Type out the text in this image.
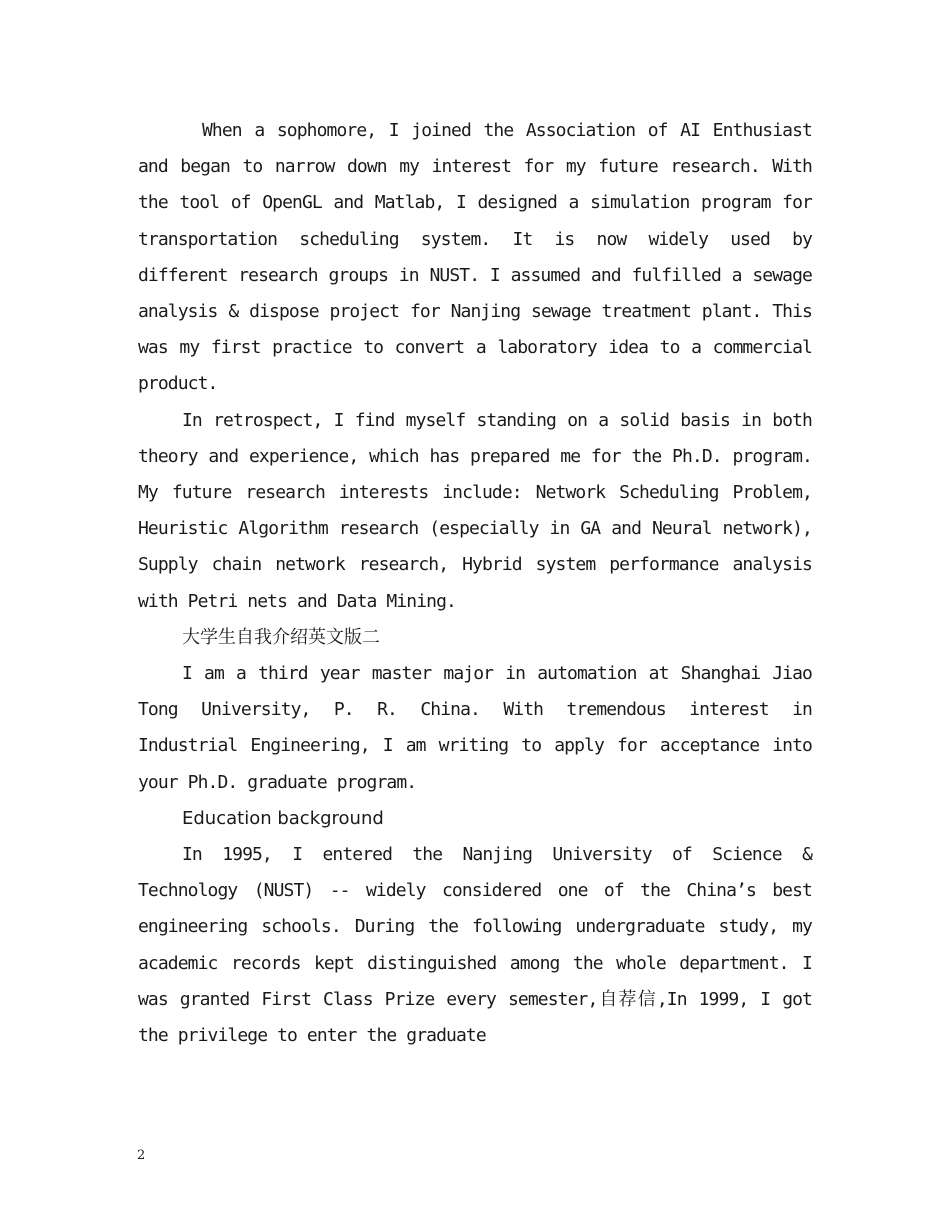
When a sophomore, I joined the Association of AI Enthusiast and began to narrow down my interest for my future research. With the tool of OpenGL and Matlab, I designed a simulation program for transportation scheduling system. It is now widely used by different research groups in NUST. I assumed and fulfilled a sewage analysis & dispose project for Nanjing sewage treatment plant. This was my first practice to convert a laboratory idea to a commercial product.

In retrospect, I find myself standing on a solid basis in both theory and experience, which has prepared me for the Ph.D. program. My future research interests include: Network Scheduling Problem, Heuristic Algorithm research (especially in GA and Neural network), Supply chain network research, Hybrid system performance analysis with Petri nets and Data Mining.

大学生自我介绍英文版二

I am a third year master major in automation at Shanghai Jiao Tong University, P. R. China. With tremendous interest in Industrial Engineering, I am writing to apply for acceptance into your Ph.D. graduate program.

Education background

In 1995, I entered the Nanjing University of Science & Technology (NUST) -- widely considered one of the China’s best engineering schools. During the following undergraduate study, my academic records kept distinguished among the whole department. I was granted First Class Prize every semester,自荐信,In 1999, I got the privilege to enter the graduate

2
